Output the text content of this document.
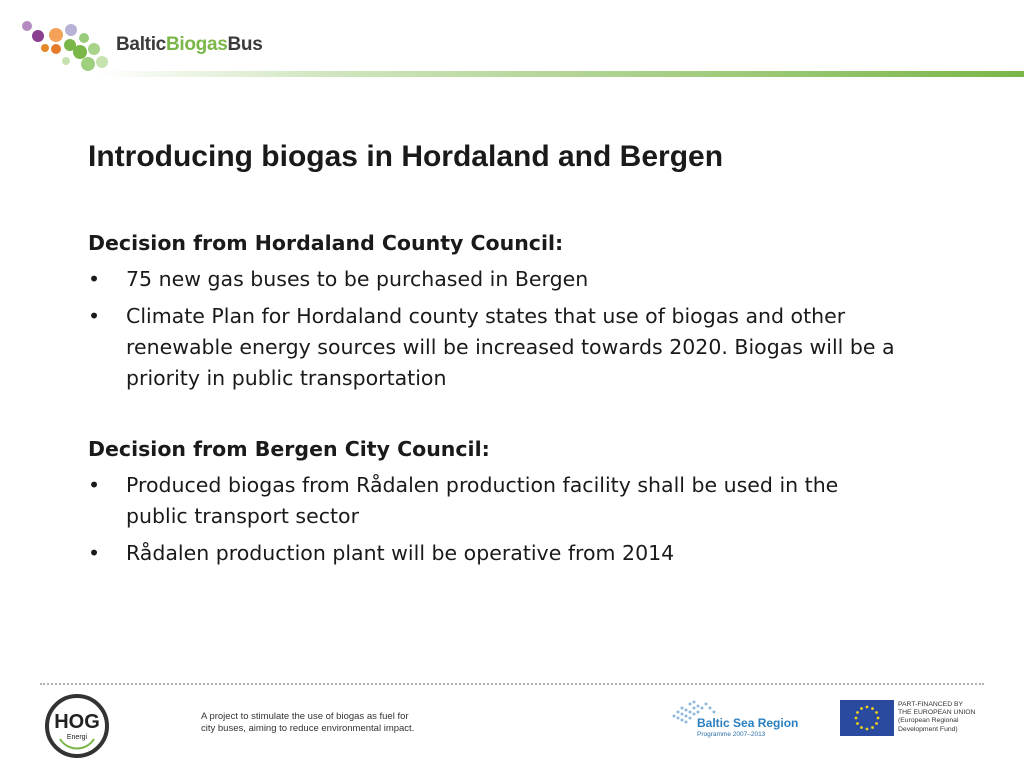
BalticBiogasBus
Introducing biogas in Hordaland and Bergen
Decision from Hordaland County Council:
• 75 new gas buses to be purchased in Bergen
• Climate Plan for Hordaland county states that use of biogas and other renewable energy sources will be increased towards 2020. Biogas will be a priority in public transportation
Decision from Bergen City Council:
• Produced biogas from Rådalen production facility shall be used in the public transport sector
• Rådalen production plant will be operative from 2014
HOG
Energi
A project to stimulate the use of biogas as fuel for
city buses, aiming to reduce environmental impact.	Baltic Sea Region
Programme 2007–2013
PART-FINANCED BY
THE EUROPEAN UNION
(European Regional
Development Fund)
